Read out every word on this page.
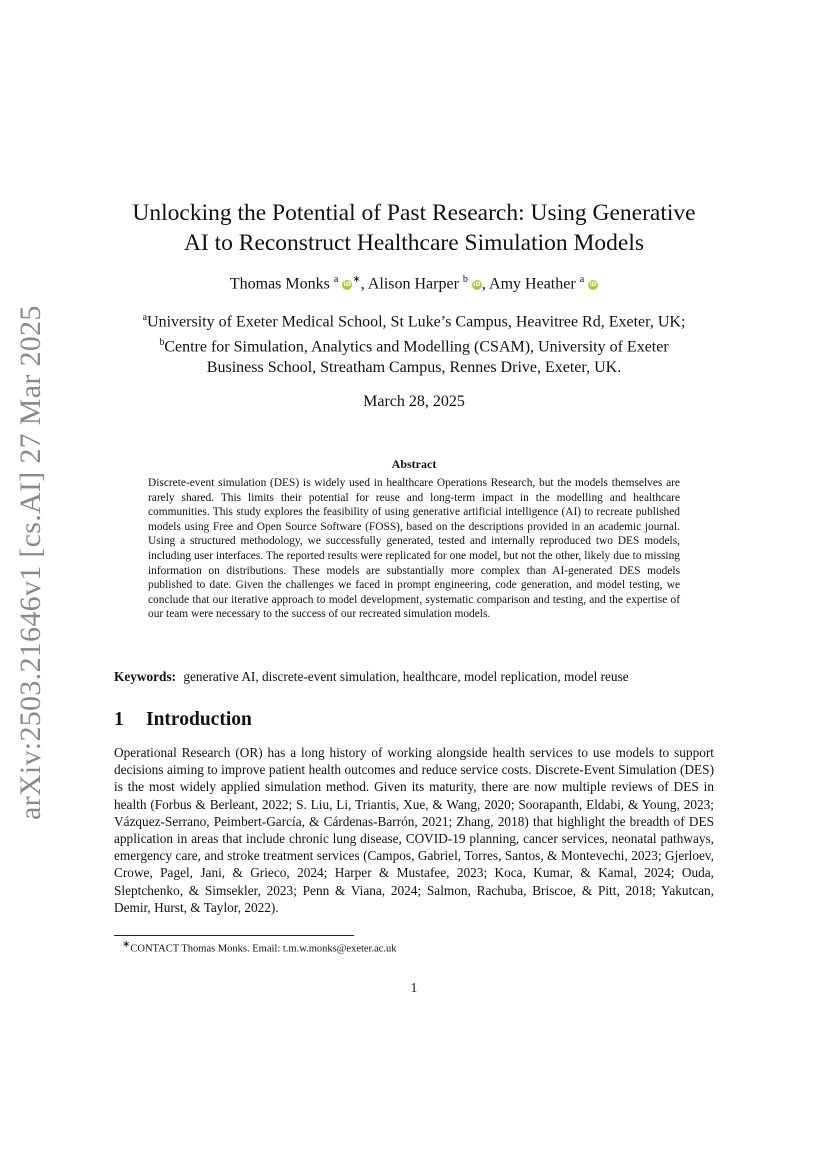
arXiv:2503.21646v1 [cs.AI] 27 Mar 2025
Unlocking the Potential of Past Research: Using Generative
AI to Reconstruct Healthcare Simulation Models
Thomas Monks $^a$ iD∗, Alison Harper $^b$ iD, Amy Heather $^a$ iD
$^a$University of Exeter Medical School, St Luke’s Campus, Heavitree Rd, Exeter, UK;
$^b$Centre for Simulation, Analytics and Modelling (CSAM), University of Exeter
Business School, Streatham Campus, Rennes Drive, Exeter, UK.
March 28, 2025
Abstract
Discrete-event simulation (DES) is widely used in healthcare Operations Research, but the models themselves are rarely shared. This limits their potential for reuse and long-term impact in the modelling and healthcare communities. This study explores the feasibility of using generative artificial intelligence (AI) to recreate published models using Free and Open Source Software (FOSS), based on the descriptions provided in an academic journal. Using a structured methodology, we successfully generated, tested and internally reproduced two DES models, including user interfaces. The reported results were replicated for one model, but not the other, likely due to missing information on distributions. These models are substantially more complex than AI-generated DES models published to date. Given the challenges we faced in prompt engineering, code generation, and model testing, we conclude that our iterative approach to model development, systematic comparison and testing, and the expertise of our team were necessary to the success of our recreated simulation models.
Keywords: generative AI, discrete-event simulation, healthcare, model replication, model reuse
1 Introduction
Operational Research (OR) has a long history of working alongside health services to use models to support decisions aiming to improve patient health outcomes and reduce service costs. Discrete-Event Simulation (DES) is the most widely applied simulation method. Given its maturity, there are now multiple reviews of DES in health (Forbus & Berleant, 2022; S. Liu, Li, Triantis, Xue, & Wang, 2020; Soorapanth, Eldabi, & Young, 2023; Vázquez-Serrano, Peimbert-García, & Cárdenas-Barrón, 2021; Zhang, 2018) that highlight the breadth of DES application in areas that include chronic lung disease, COVID-19 planning, cancer services, neonatal pathways, emergency care, and stroke treatment services (Campos, Gabriel, Torres, Santos, & Montevechi, 2023; Gjerloev, Crowe, Pagel, Jani, & Grieco, 2024; Harper & Mustafee, 2023; Koca, Kumar, & Kamal, 2024; Ouda, Sleptchenko, & Simsekler, 2023; Penn & Viana, 2024; Salmon, Rachuba, Briscoe, & Pitt, 2018; Yakutcan, Demir, Hurst, & Taylor, 2022).
∗CONTACT Thomas Monks. Email: t.m.w.monks@exeter.ac.uk
1
